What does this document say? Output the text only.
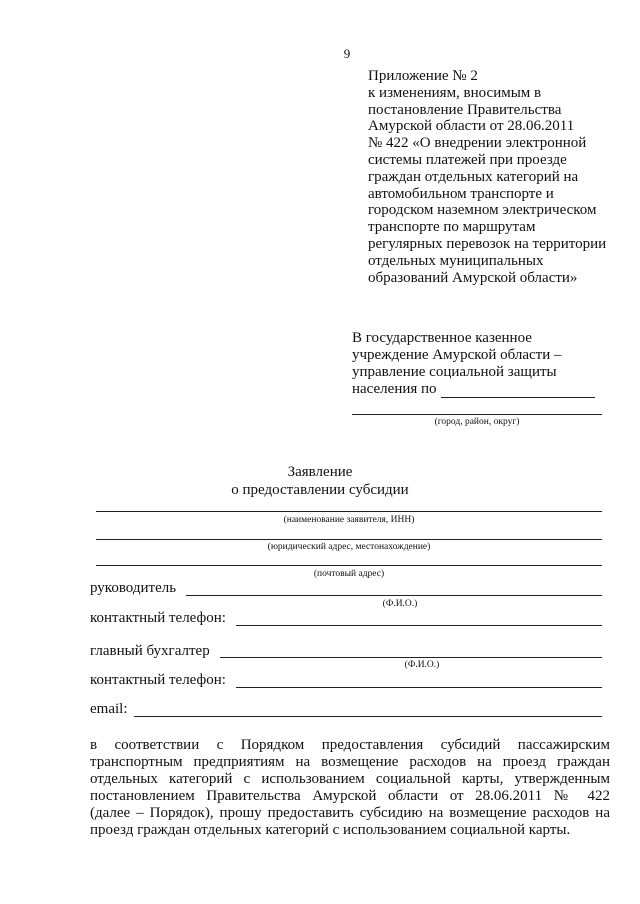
9
Приложение № 2
к изменениям, вносимым в
постановление Правительства
Амурской области от 28.06.2011
№ 422 «О внедрении электронной
системы платежей при проезде
граждан отдельных категорий на
автомобильном транспорте и
городском наземном электрическом
транспорте по маршрутам
регулярных перевозок на территории
отдельных муниципальных
образований Амурской области»
В государственное казенное
учреждение Амурской области –
управление социальной защиты
населения по
(город, район, округ)
Заявление
о предоставлении субсидии
(наименование заявителя, ИНН)
(юридический адрес, местонахождение)
(почтовый адрес)
руководитель
(Ф.И.О.)
контактный телефон:
главный бухгалтер
(Ф.И.О.)
контактный телефон:
email:
в соответствии с Порядком предоставления субсидий пассажирским
транспортным предприятиям на возмещение расходов на проезд граждан
отдельных категорий с использованием социальной карты, утвержденным
постановлением Правительства Амурской области от 28.06.2011 № 422
(далее – Порядок), прошу предоставить субсидию на возмещение расходов на
проезд граждан отдельных категорий с использованием социальной карты.
